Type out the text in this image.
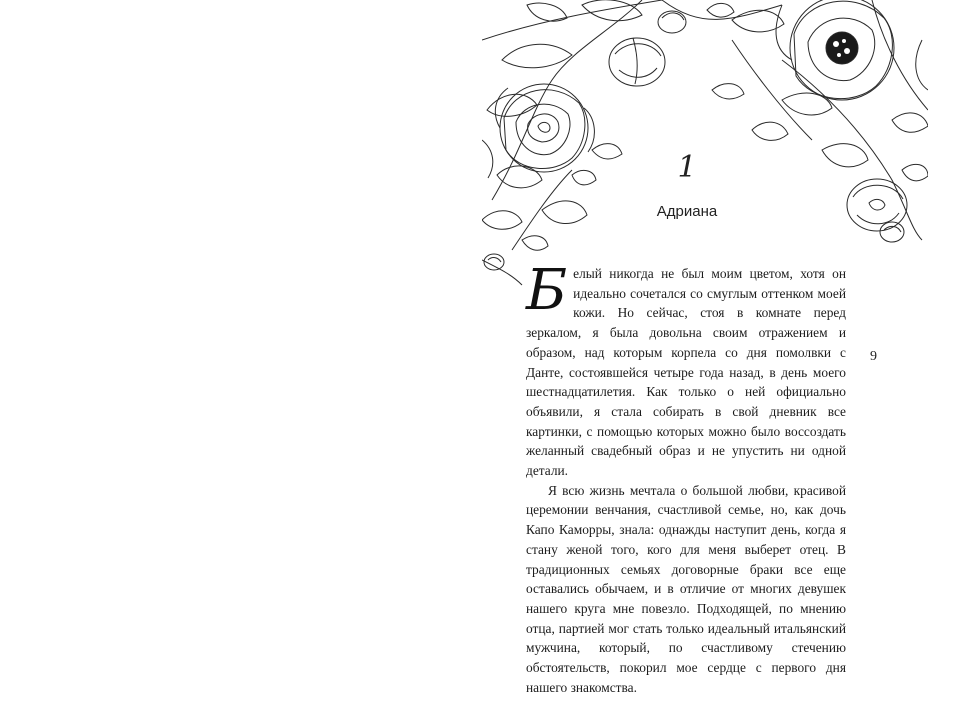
1
Адриана

Белый никогда не был моим цветом, хотя он идеально сочетался со смуглым оттенком моей кожи. Но сейчас, стоя в комнате перед зеркалом, я была довольна своим отражением и образом, над которым корпела со дня помолвки с Данте, состоявшейся четыре года назад, в день моего шестнадцатилетия. Как только о ней официально объявили, я стала собирать в свой дневник все картинки, с помощью которых можно было воссоздать желанный свадебный образ и не упустить ни одной детали.

Я всю жизнь мечтала о большой любви, красивой церемонии венчания, счастливой семье, но, как дочь Капо Каморры, знала: однажды наступит день, когда я стану женой того, кого для меня выберет отец. В традиционных семьях договорные браки все еще оставались обычаем, и в отличие от многих девушек нашего круга мне повезло. Подходящей, по мнению отца, партией мог стать только идеальный итальянский мужчина, который, по счастливому стечению обстоятельств, покорил мое сердце с первого дня нашего знакомства.

9
